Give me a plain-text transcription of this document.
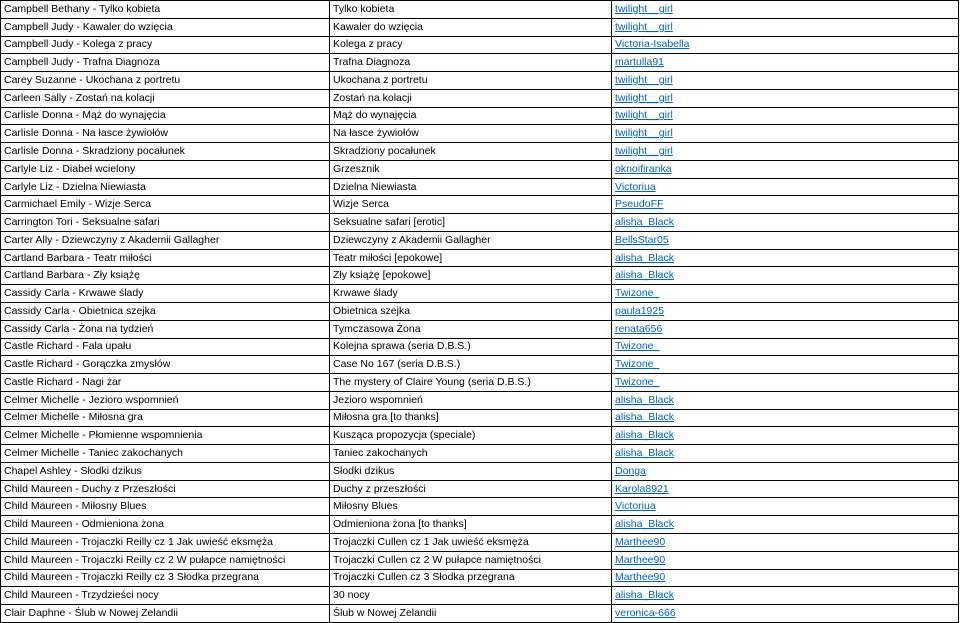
Campbell Bethany - Tylko kobieta	Tylko kobieta	twilight__girl
Campbell Judy - Kawaler do wzięcia	Kawaler do wzięcia	twilight__girl
Campbell Judy - Kolega z pracy	Kolega z pracy	Victoria-Isabella
Campbell Judy - Trafna Diagnoza	Trafna Diagnoza	martulla91
Carey Suzanne - Ukochana z portretu	Ukochana z portretu	twilight__girl
Carleen Sally - Zostań na kolacji	Zostań na kolacji	twilight__girl
Carlisle Donna - Mąż do wynajęcia	Mąż do wynajęcia	twilight__girl
Carlisle Donna - Na łasce żywiołów	Na łasce żywiołów	twilight__girl
Carlisle Donna - Skradziony pocałunek	Skradziony pocałunek	twilight__girl
Carlyle Liz - Diabeł wcielony	Grzesznik	oknoifiranka
Carlyle Liz - Dzielna Niewiasta	Dzielna Niewiasta	Victoriua
Carmichael Emily - Wizje Serca	Wizje Serca	PseudoFF
Carrington Tori - Seksualne safari	Seksualne safari [erotic]	alisha_Black
Carter Ally - Dziewczyny z Akademii Gallagher	Dziewczyny z Akademii Gallagher	BellsStar05
Cartland Barbara - Teatr miłości	Teatr miłości [epokowe]	alisha_Black
Cartland Barbara - Zły książę	Zły książę [epokowe]	alisha_Black
Cassidy Carla - Krwawe ślady	Krwawe ślady	Twizone_
Cassidy Carla - Obietnica szejka	Obietnica szejka	paula1925
Cassidy Carla - Żona na tydzień	Tymczasowa Żona	renata656
Castle Richard - Fala upału	Kolejna sprawa (seria D.B.S.)	Twizone_
Castle Richard - Gorączka zmysłów	Case No 167 (seria D.B.S.)	Twizone_
Castle Richard - Nagi żar	The mystery of Claire Young (seria D.B.S.)	Twizone_
Celmer Michelle - Jezioro wspomnień	Jezioro wspomnień	alisha_Black
Celmer Michelle - Miłosna gra	Miłosna gra [to thanks]	alisha_Black
Celmer Michelle - Płomienne wspomnienia	Kusząca propozycja (speciale)	alisha_Black
Celmer Michelle - Taniec zakochanych	Taniec zakochanych	alisha_Black
Chapel Ashley - Słodki dzikus	Słodki dzikus	Donga
Child Maureen - Duchy z Przeszłości	Duchy z przeszłości	Karola8921
Child Maureen - Miłosny Blues	Miłosny Blues	Victoriua
Child Maureen - Odmieniona żona	Odmieniona żona [to thanks]	alisha_Black
Child Maureen - Trojaczki Reilly cz 1 Jak uwieść eksmęża	Trojaczki Cullen cz 1 Jak uwieść eksmęża	Marthee90
Child Maureen - Trojaczki Reilly cz 2 W pułapce namiętności	Trojaczki Cullen cz 2 W pułapce namiętności	Marthee90
Child Maureen - Trojaczki Reilly cz 3 Słodka przegrana	Trojaczki Cullen cz 3 Słodka przegrana	Marthee90
Child Maureen - Trzydzieści nocy	30 nocy	alisha_Black
Clair Daphne - Ślub w Nowej Zelandii	Ślub w Nowej Zelandii	veronica-666
